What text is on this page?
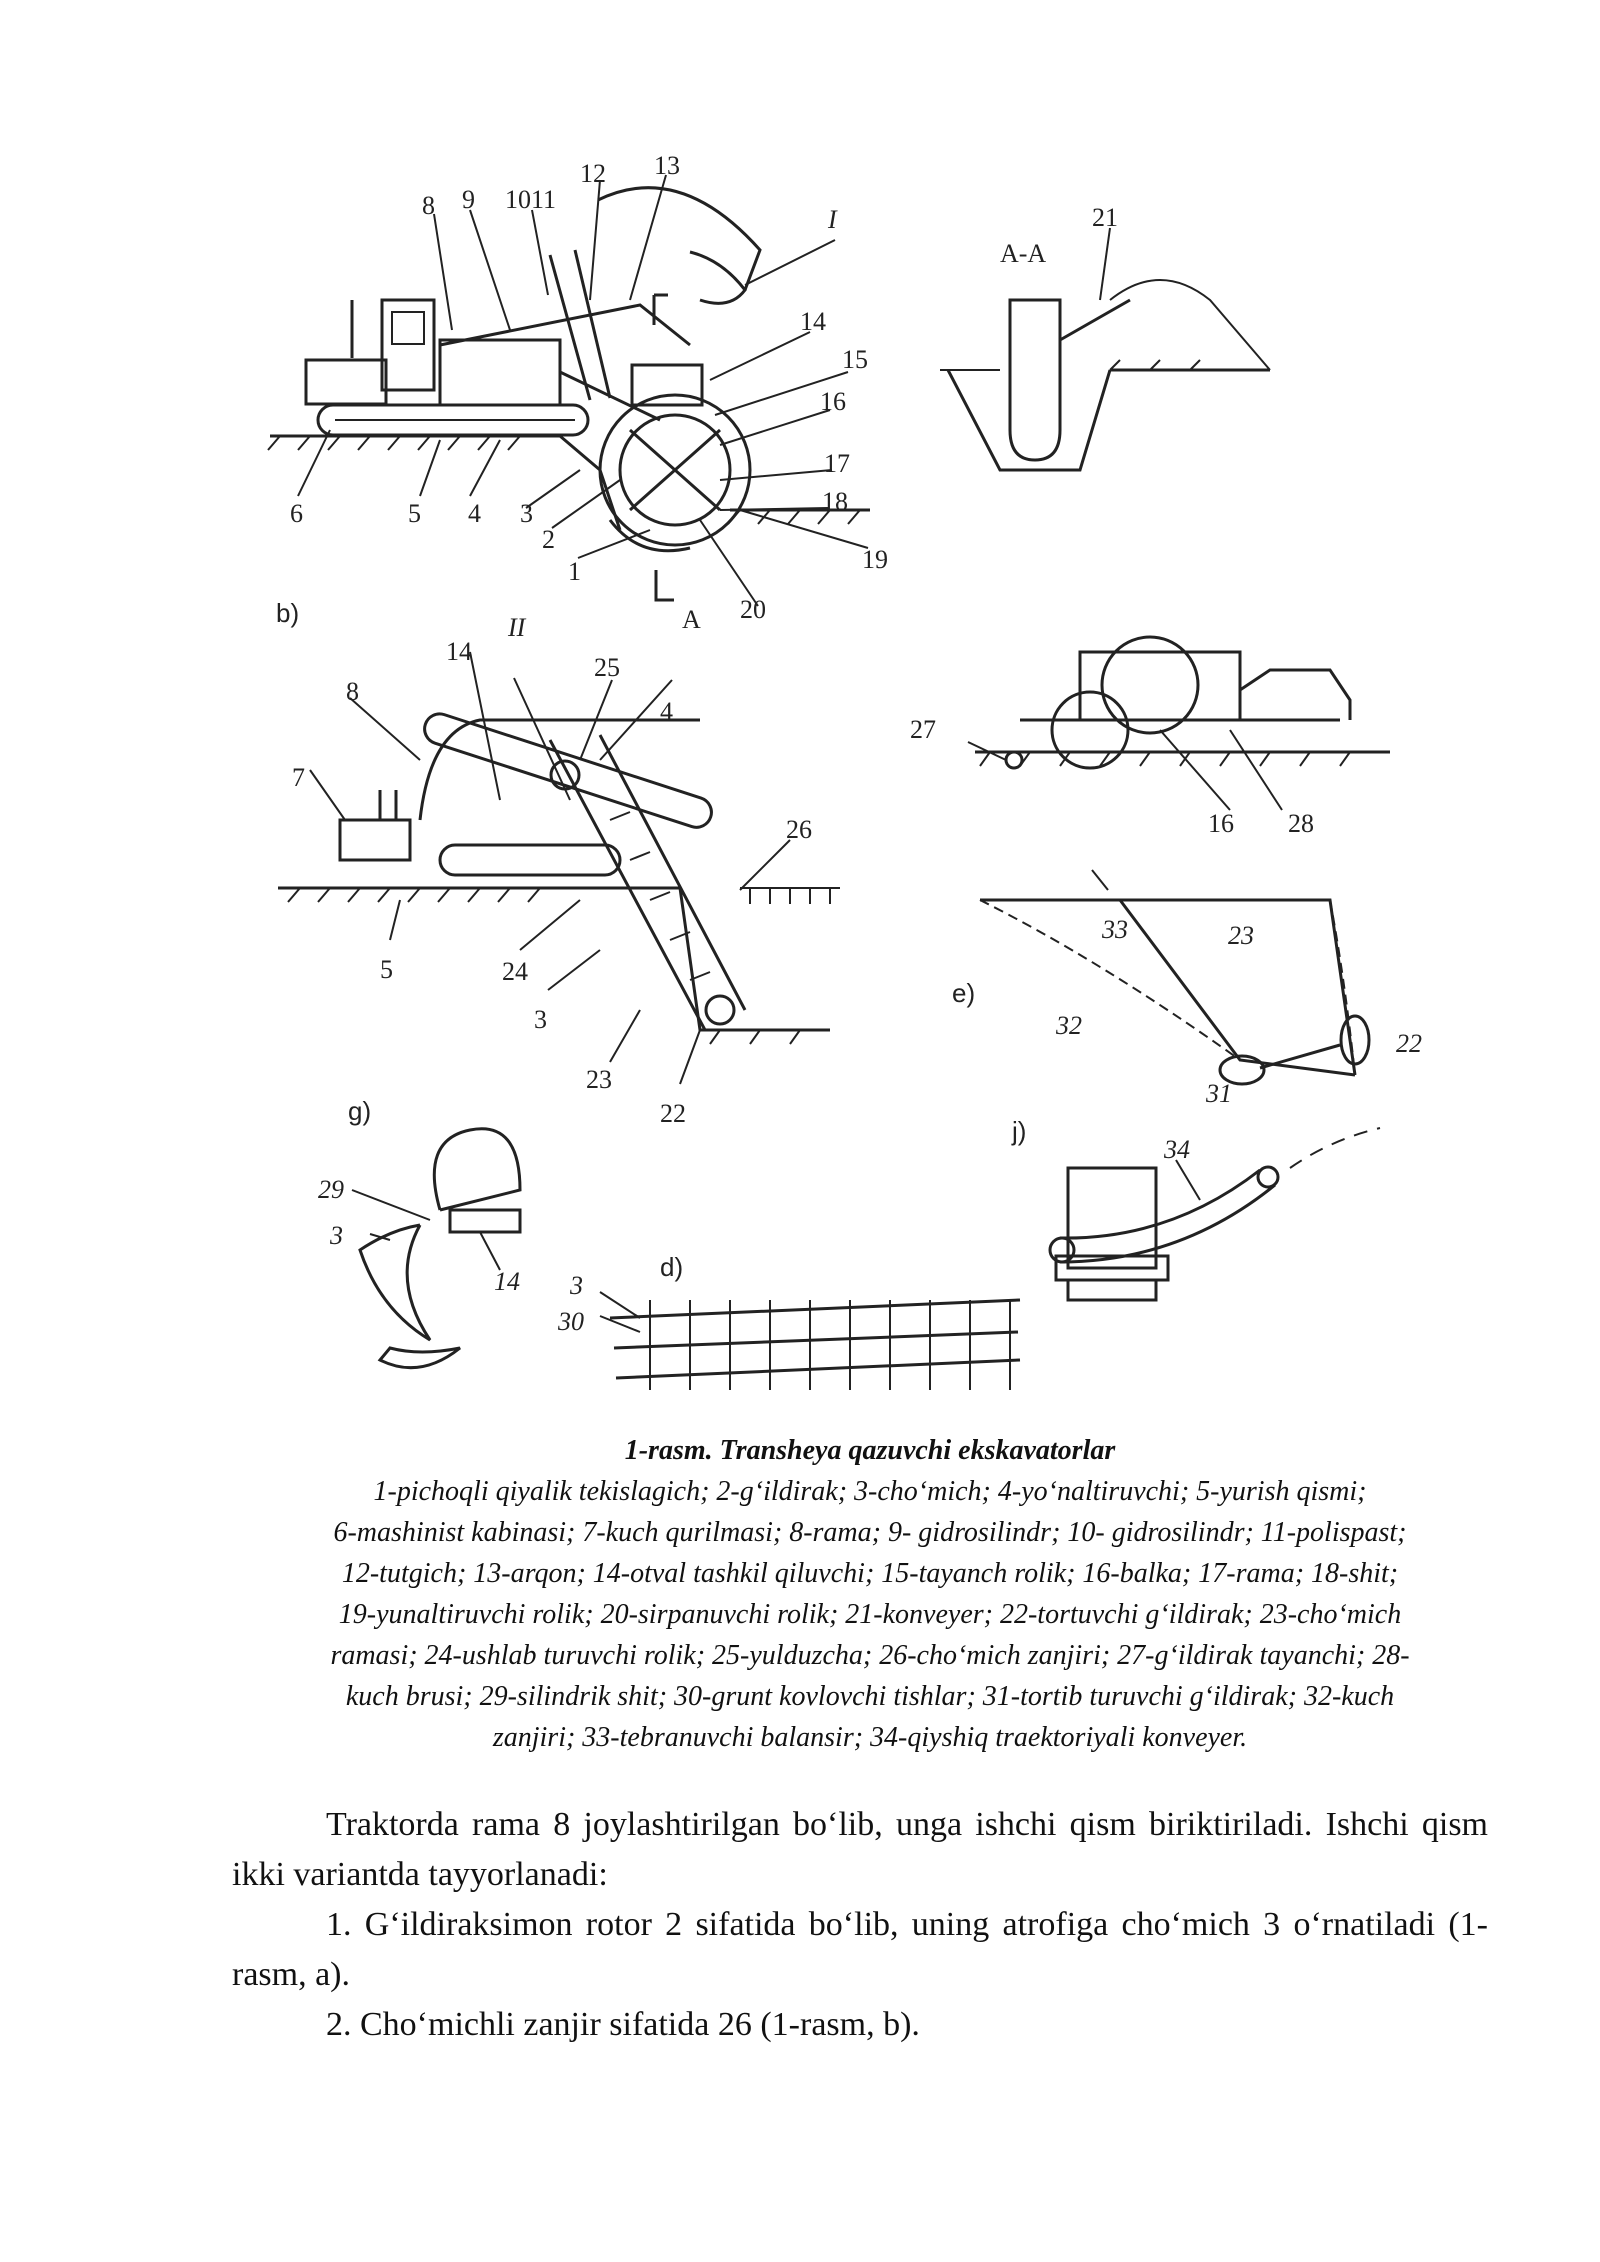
8 9 1011
12 13
I
14
15
16
17
18
19
20
6	5 4 3
2
1
A
A-A
21
b)	II
14
8
25
4
7
26
5	24
3
23
22
27
16 28
33	23
e)
32
31
22
g)
29
3
14	d)
3
30
j)
34
1-rasm. Transheya qazuvchi ekskavatorlar
1-pichoqli qiyalik tekislagich; 2-g‘ildirak; 3-cho‘mich; 4-yo‘naltiruvchi; 5-yurish qismi;
6-mashinist kabinasi; 7-kuch qurilmasi; 8-rama; 9- gidrosilindr; 10- gidrosilindr; 11-polispast;
12-tutgich; 13-arqon; 14-otval tashkil qiluvchi; 15-tayanch rolik; 16-balka; 17-rama; 18-shit;
19-yunaltiruvchi rolik; 20-sirpanuvchi rolik; 21-konveyer; 22-tortuvchi g‘ildirak; 23-cho‘mich
ramasi; 24-ushlab turuvchi rolik; 25-yulduzcha; 26-cho‘mich zanjiri; 27-g‘ildirak tayanchi; 28-
kuch brusi; 29-silindrik shit; 30-grunt kovlovchi tishlar; 31-tortib turuvchi g‘ildirak; 32-kuch
zanjiri; 33-tebranuvchi balansir; 34-qiyshiq traektoriyali konveyer.

Traktorda rama 8 joylashtirilgan bo‘lib, unga ishchi qism biriktiriladi. Ishchi qism ikki variantda tayyorlanadi:

1. G‘ildiraksimon rotor 2 sifatida bo‘lib, uning atrofiga cho‘mich 3 o‘rnatiladi (1-rasm, a).

2. Cho‘michli zanjir sifatida 26 (1-rasm, b).
